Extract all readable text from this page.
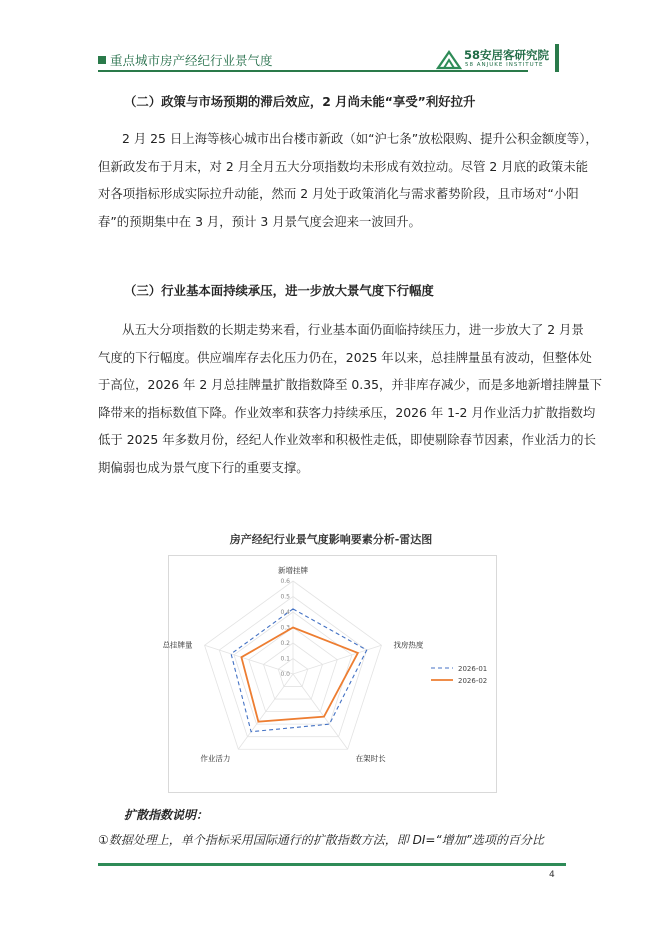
重点城市房产经纪行业景气度	58安居客研究院
58 ANJUKE INSTITUTE
（二）政策与市场预期的滞后效应，2 月尚未能“享受”利好拉升
2 月 25 日上海等核心城市出台楼市新政（如“沪七条”放松限购、提升公积金额度等），
但新政发布于月末，对 2 月全月五大分项指数均未形成有效拉动。尽管 2 月底的政策未能
对各项指标形成实际拉升动能，然而 2 月处于政策消化与需求蓄势阶段，且市场对“小阳
春”的预期集中在 3 月，预计 3 月景气度会迎来一波回升。
（三）行业基本面持续承压，进一步放大景气度下行幅度
从五大分项指数的长期走势来看，行业基本面仍面临持续压力，进一步放大了 2 月景
气度的下行幅度。供应端库存去化压力仍在，2025 年以来，总挂牌量虽有波动，但整体处
于高位，2026 年 2 月总挂牌量扩散指数降至 0.35，并非库存减少，而是多地新增挂牌量下
降带来的指标数值下降。作业效率和获客力持续承压，2026 年 1-2 月作业活力扩散指数均
低于 2025 年多数月份，经纪人作业效率和积极性走低，即使剔除春节因素，作业活力的长
期偏弱也成为景气度下行的重要支撑。
房产经纪行业景气度影响要素分析-雷达图
0.0
0.1
0.2
0.3
0.4
0.5
0.6
新增挂牌
找房热度
在架时长
作业活力
总挂牌量
2026-01
2026-02
扩散指数说明：
①数据处理上，单个指标采用国际通行的扩散指数方法，即 DI=“增加”选项的百分比
4
